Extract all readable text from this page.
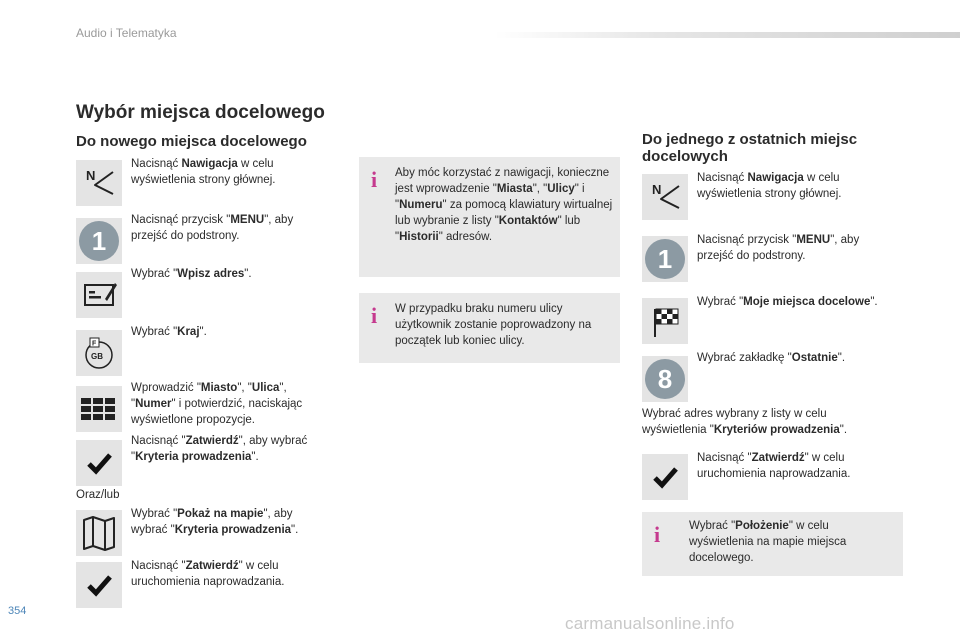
Audio i Telematyka
Wybór miejsca docelowego
Do nowego miejsca docelowego
N
Nacisnąć Nawigacja w celu wyświetlenia strony głównej.
1
Nacisnąć przycisk "MENU", aby przejść do podstrony.
Wybrać "Wpisz adres".
F
GB
Wybrać "Kraj".
Wprowadzić "Miasto", "Ulica", "Numer" i potwierdzić, naciskając wyświetlone propozycje.
Nacisnąć "Zatwierdź", aby wybrać "Kryteria prowadzenia".
Oraz/lub
Wybrać "Pokaż na mapie", aby wybrać "Kryteria prowadzenia".
Nacisnąć "Zatwierdź" w celu uruchomienia naprowadzania.
i Aby móc korzystać z nawigacji, konieczne jest wprowadzenie "Miasta", "Ulicy" i "Numeru" za pomocą klawiatury wirtualnej lub wybranie z listy "Kontaktów" lub "Historii" adresów.
i W przypadku braku numeru ulicy użytkownik zostanie poprowadzony na początek lub koniec ulicy.
Do jednego z ostatnich miejsc
docelowych
N
Nacisnąć Nawigacja w celu wyświetlenia strony głównej.
1
Nacisnąć przycisk "MENU", aby przejść do podstrony.
Wybrać "Moje miejsca docelowe".
8
Wybrać zakładkę "Ostatnie".
Wybrać adres wybrany z listy w celu wyświetlenia "Kryteriów prowadzenia".
Nacisnąć "Zatwierdź" w celu uruchomienia naprowadzania.
i	Wybrać "Położenie" w celu wyświetlenia na mapie miejsca docelowego.
354
carmanualsonline.info
